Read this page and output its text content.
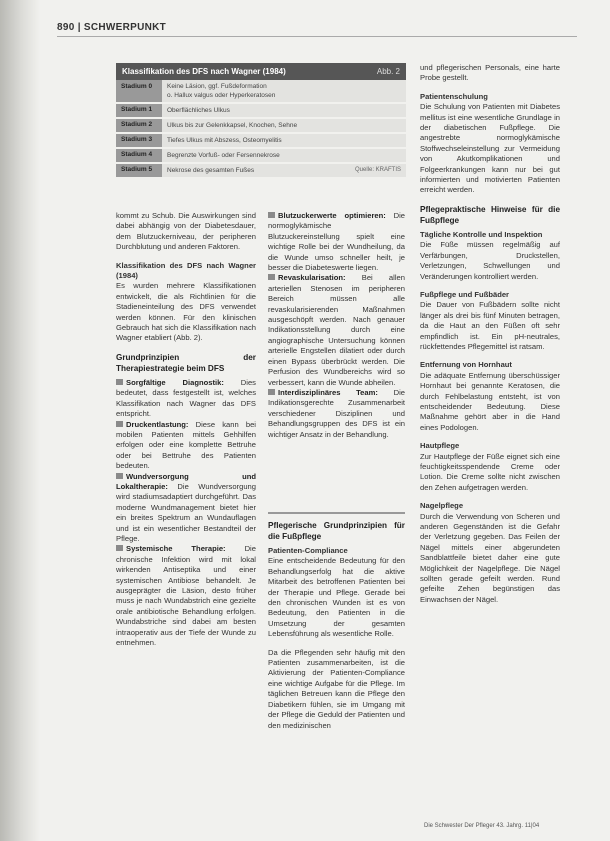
890 | SCHWERPUNKT
Klassifikation des DFS nach Wagner (1984)	Abb. 2
Stadium 0	Keine Läsion, ggf. Fußdeformation
o. Hallux valgus oder Hyperkeratosen
Stadium 1	Oberflächliches Ulkus
Stadium 2	Ulkus bis zur Gelenkkapsel, Knochen, Sehne
Stadium 3	Tiefes Ulkus mit Abszess, Osteomyelitis
Stadium 4	Begrenzte Vorfuß- oder Fersennekrose
Stadium 5	Nekrose des gesamten Fußes	Quelle: KRAFTIS

kommt zu Schub. Die Auswirkungen sind dabei abhängig von der Diabetesdauer, dem Blutzuckerniveau, der peripheren Durchblutung und anderen Faktoren.

Klassifikation des DFS nach Wagner (1984)

Es wurden mehrere Klassifikationen entwickelt, die als Richtlinien für die Stadieneinteilung des DFS verwendet werden können. Für den klinischen Gebrauch hat sich die Klassifikation nach Wagner etabliert (Abb. 2).

Grundprinzipien der Therapiestrategie beim DFS

Sorgfältige Diagnostik: Dies bedeutet, dass festgestellt ist, welches Klassifikation nach Wagner das DFS entspricht.

Druckentlastung: Diese kann bei mobilen Patienten mittels Gehhilfen erfolgen oder eine komplette Bettruhe oder bei Bettruhe des Patienten bedeuten.

Wundversorgung und Lokaltherapie: Die Wundversorgung wird stadiumsadaptiert durchgeführt. Das moderne Wundmanagement bietet hier ein breites Spektrum an Wundauflagen und ist ein wesentlicher Bestandteil der Pflege.

Systemische Therapie: Die chronische Infektion wird mit lokal wirkenden Antiseptika und einer systemischen Antibiose behandelt. Je ausgeprägter die Läsion, desto früher muss je nach Wundabstrich eine gezielte orale antibiotische Behandlung erfolgen. Wundabstriche sind dabei am besten intraoperativ aus der Tiefe der Wunde zu entnehmen.

Blutzuckerwerte optimieren: Die normoglykämische Blutzuckereinstellung spielt eine wichtige Rolle bei der Wundheilung, da die Wunde umso schneller heilt, je besser die Diabeteswerte liegen.

Revaskularisation: Bei allen arteriellen Stenosen im peripheren Bereich müssen alle revaskularisierenden Maßnahmen ausgeschöpft werden. Nach genauer Indikationsstellung durch eine angiographische Untersuchung können arterielle Engstellen dilatiert oder durch einen Bypass überbrückt werden. Die Perfusion des Wundbereichs wird so verbessert, kann die Wunde abheilen.

Interdisziplinäres Team: Die Indikationsgerechte Zusammenarbeit verschiedener Disziplinen und Behandlungsgruppen des DFS ist ein wichtiger Ansatz in der Behandlung.

Pflegerische Grundprinzipien für die Fußpflege

Patienten-Compliance

Eine entscheidende Bedeutung für den Behandlungserfolg hat die aktive Mitarbeit des betroffenen Patienten bei der Therapie und Pflege. Gerade bei den chronischen Wunden ist es von Bedeutung, den Patienten in die Umsetzung der gesamten Lebensführung als wesentliche Rolle.

Da die Pflegenden sehr häufig mit den Patienten zusammenarbeiten, ist die Aktivierung der Patienten-Compliance eine wichtige Aufgabe für die Pflege. Im täglichen Betreuen kann die Pflege den Diabetikern fühlen, sie im Umgang mit der Pflege die Geduld der Patienten und den medizinischen

und pflegerischen Personals, eine harte Probe gestellt.

Patientenschulung

Die Schulung von Patienten mit Diabetes mellitus ist eine wesentliche Grundlage in der diabetischen Fußpflege. Die angestrebte normoglykämische Stoffwechseleinstellung zur Vermeidung von Akutkomplikationen und Folgeerkrankungen kann nur bei gut informierten und motivierten Patienten erreicht werden.

Pflegepraktische Hinweise für die Fußpflege

Tägliche Kontrolle und Inspektion

Die Füße müssen regelmäßig auf Verfärbungen, Druckstellen, Verletzungen, Schwellungen und Veränderungen kontrolliert werden.

Fußpflege und Fußbäder

Die Dauer von Fußbädern sollte nicht länger als drei bis fünf Minuten betragen, da die Haut an den Füßen oft sehr empfindlich ist. Ein pH-neutrales, rückfettendes Pflegemittel ist ratsam.

Entfernung von Hornhaut

Die adäquate Entfernung überschüssiger Hornhaut bei genannte Keratosen, die durch Fehlbelastung entsteht, ist von entscheidender Bedeutung. Diese Maßnahme gehört aber in die Hand eines Podologen.

Hautpflege

Zur Hautpflege der Füße eignet sich eine feuchtigkeitsspendende Creme oder Lotion. Die Creme sollte nicht zwischen den Zehen aufgetragen werden.

Nagelpflege

Durch die Verwendung von Scheren und anderen Gegenständen ist die Gefahr der Verletzung gegeben. Das Feilen der Nägel mittels einer abgerundeten Sandblattfeile bietet daher eine gute Möglichkeit der Nagelpflege. Die Nägel sollten gerade gefeilt werden. Rund gefeilte Zehen begünstigen das Einwachsen der Nägel.

Die Schwester Der Pfleger 43. Jahrg. 11|04
